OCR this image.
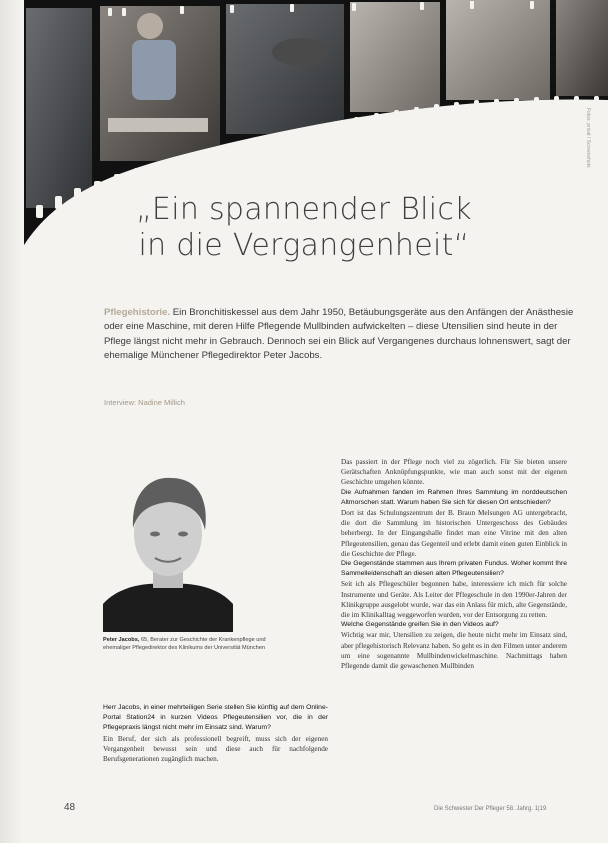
Fotos: privat / Screenshots
„Ein spannender Blick
in die Vergangenheit“
Pflegehistorie. Ein Bronchitiskessel aus dem Jahr 1950, Betäubungsgeräte aus den Anfängen der Anästhesie oder eine Maschine, mit deren Hilfe Pflegende Mullbinden aufwickelten – diese Utensilien sind heute in der Pflege längst nicht mehr in Gebrauch. Dennoch sei ein Blick auf Vergangenes durchaus lohnenswert, sagt der ehemalige Münchener Pflegedirektor Peter Jacobs.
Interview: Nadine Millich
Peter Jacobs, 65, Berater zur Geschichte der Krankenpflege und ehemaliger Pflegedirektor des Klinikums der Universität München

Herr Jacobs, in einer mehrteiligen Serie stellen Sie künftig auf dem Online-Portal Station24 in kurzen Videos Pflegeutensilien vor, die in der Pflegepraxis längst nicht mehr im Einsatz sind. Warum?

Ein Beruf, der sich als professionell begreift, muss sich der eigenen Vergangenheit bewusst sein und diese auch für nachfolgende Berufsgenerationen zugänglich machen.

Das passiert in der Pflege noch viel zu zögerlich. Für Sie bieten unsere Gerätschaften Anknüpfungspunkte, wie man auch sonst mit der eigenen Geschichte umgehen könnte.

Die Aufnahmen fanden im Rahmen Ihres Sammlung im norddeutschen Altmorschen statt. Warum haben Sie sich für diesen Ort entschieden?

Dort ist das Schulungszentrum der B. Braun Melsungen AG untergebracht, die dort die Sammlung im historischen Untergeschoss des Gebäudes beherbergt. In der Eingangshalle findet man eine Vitrine mit den alten Pflegeutensilien, genau das Gegenteil und erlebt damit einen guten Einblick in die Geschichte der Pflege.

Die Gegenstände stammen aus Ihrem privaten Fundus. Woher kommt Ihre Sammelleidenschaft an diesen alten Pflegeutensilien?

Seit ich als Pflegeschüler begonnen habe, interessiere ich mich für solche Instrumente und Geräte. Als Leiter der Pflegeschule in den 1990er-Jahren der Klinikgruppe ausgelobt wurde, war das ein Anlass für mich, alte Gegenstände, die im Klinikalltag weggeworfen wurden, vor der Entsorgung zu retten.

Welche Gegenstände greifen Sie in den Videos auf?

Wichtig war mir, Utensilien zu zeigen, die heute nicht mehr im Einsatz sind, aber pflegehistorisch Relevanz haben. So geht es in den Filmen unter anderem um eine sogenannte Mullbindenwickelmaschine. Nachmittags haben Pflegende damit die gewaschenen Mullbinden

48	Die Schwester Der Pfleger 58. Jahrg. 1|19
